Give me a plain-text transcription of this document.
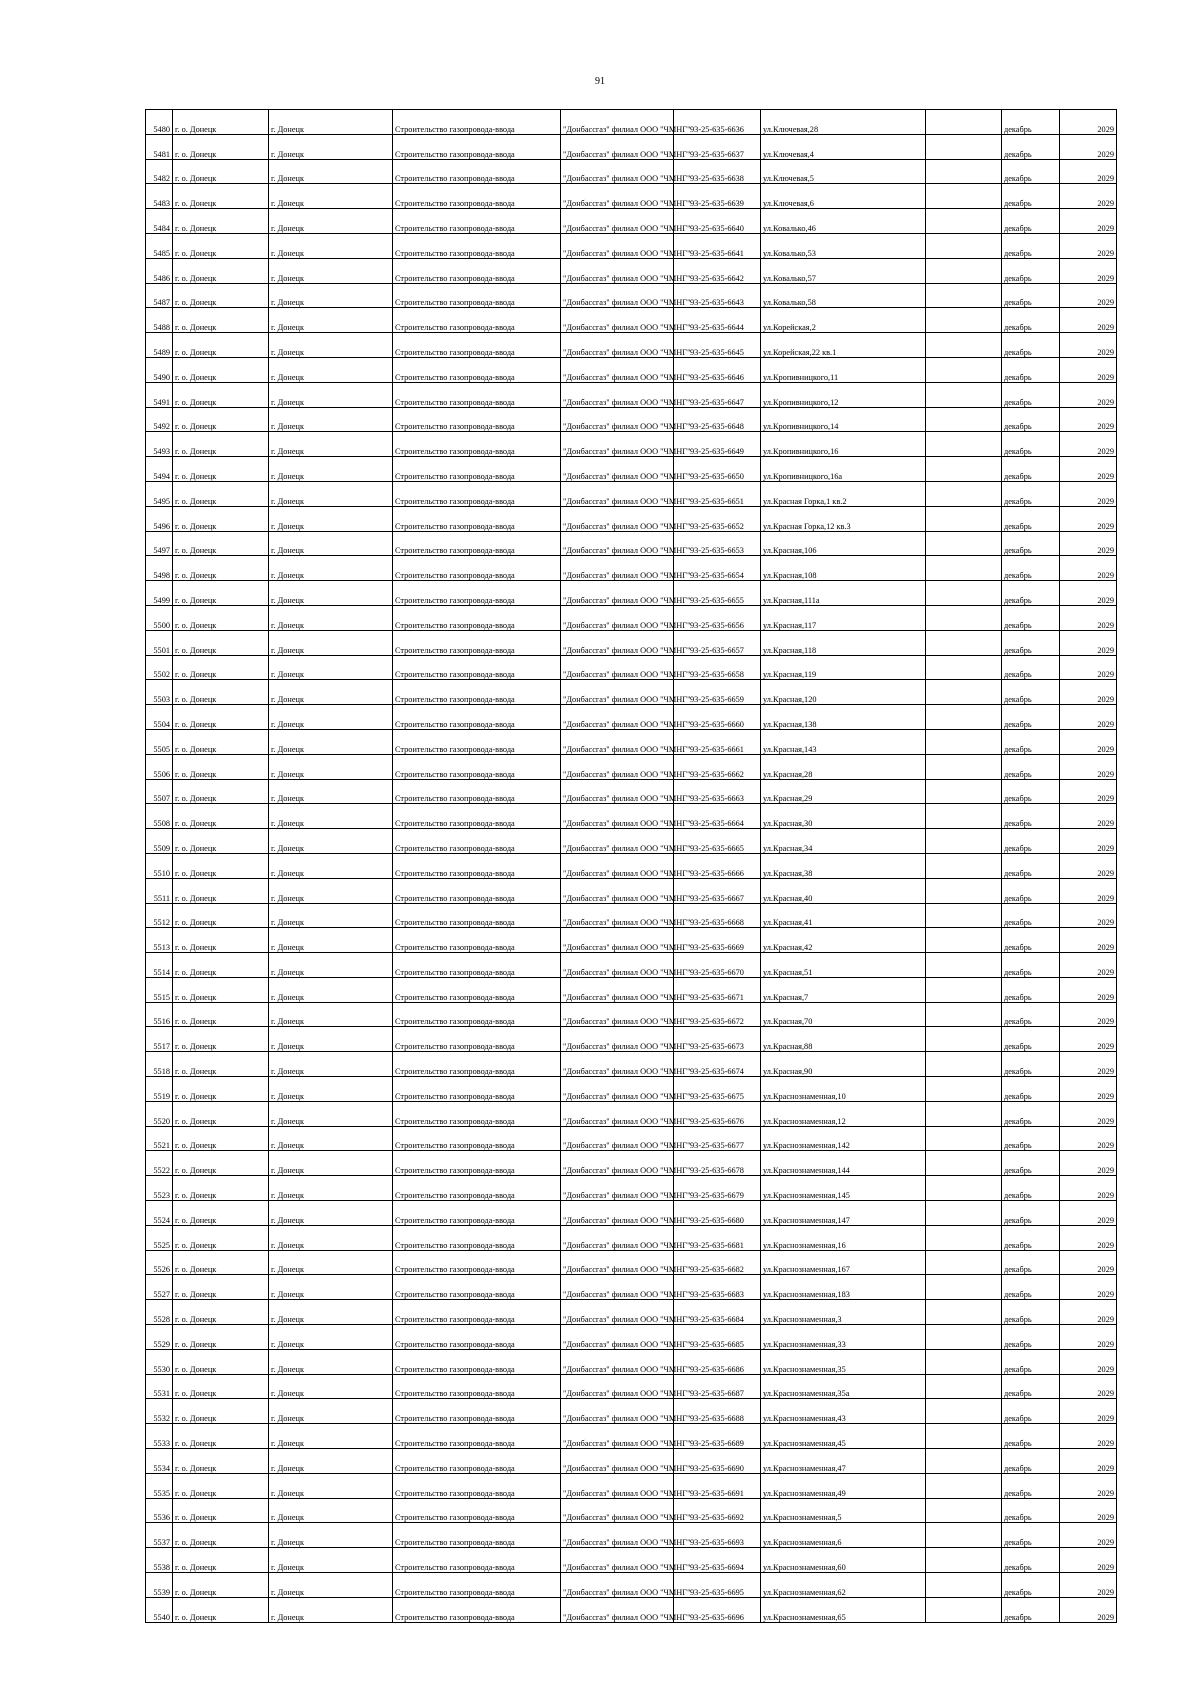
91
5480	г. о. Донецк	г. Донецк	Строительство газопровода-ввода	"Донбассгаз" филиал ООО "ЧМНГ"	93-25-635-6636	ул.Ключевая,28		декабрь	2029
5481	г. о. Донецк	г. Донецк	Строительство газопровода-ввода	"Донбассгаз" филиал ООО "ЧМНГ"	93-25-635-6637	ул.Ключевая,4		декабрь	2029
5482	г. о. Донецк	г. Донецк	Строительство газопровода-ввода	"Донбассгаз" филиал ООО "ЧМНГ"	93-25-635-6638	ул.Ключевая,5		декабрь	2029
5483	г. о. Донецк	г. Донецк	Строительство газопровода-ввода	"Донбассгаз" филиал ООО "ЧМНГ"	93-25-635-6639	ул.Ключевая,6		декабрь	2029
5484	г. о. Донецк	г. Донецк	Строительство газопровода-ввода	"Донбассгаз" филиал ООО "ЧМНГ"	93-25-635-6640	ул.Ковалько,46		декабрь	2029
5485	г. о. Донецк	г. Донецк	Строительство газопровода-ввода	"Донбассгаз" филиал ООО "ЧМНГ"	93-25-635-6641	ул.Ковалько,53		декабрь	2029
5486	г. о. Донецк	г. Донецк	Строительство газопровода-ввода	"Донбассгаз" филиал ООО "ЧМНГ"	93-25-635-6642	ул.Ковалько,57		декабрь	2029
5487	г. о. Донецк	г. Донецк	Строительство газопровода-ввода	"Донбассгаз" филиал ООО "ЧМНГ"	93-25-635-6643	ул.Ковалько,58		декабрь	2029
5488	г. о. Донецк	г. Донецк	Строительство газопровода-ввода	"Донбассгаз" филиал ООО "ЧМНГ"	93-25-635-6644	ул.Корейская,2		декабрь	2029
5489	г. о. Донецк	г. Донецк	Строительство газопровода-ввода	"Донбассгаз" филиал ООО "ЧМНГ"	93-25-635-6645	ул.Корейская,22 кв.1		декабрь	2029
5490	г. о. Донецк	г. Донецк	Строительство газопровода-ввода	"Донбассгаз" филиал ООО "ЧМНГ"	93-25-635-6646	ул.Кропивницкого,11		декабрь	2029
5491	г. о. Донецк	г. Донецк	Строительство газопровода-ввода	"Донбассгаз" филиал ООО "ЧМНГ"	93-25-635-6647	ул.Кропивницкого,12		декабрь	2029
5492	г. о. Донецк	г. Донецк	Строительство газопровода-ввода	"Донбассгаз" филиал ООО "ЧМНГ"	93-25-635-6648	ул.Кропивницкого,14		декабрь	2029
5493	г. о. Донецк	г. Донецк	Строительство газопровода-ввода	"Донбассгаз" филиал ООО "ЧМНГ"	93-25-635-6649	ул.Кропивницкого,16		декабрь	2029
5494	г. о. Донецк	г. Донецк	Строительство газопровода-ввода	"Донбассгаз" филиал ООО "ЧМНГ"	93-25-635-6650	ул.Кропивницкого,16а		декабрь	2029
5495	г. о. Донецк	г. Донецк	Строительство газопровода-ввода	"Донбассгаз" филиал ООО "ЧМНГ"	93-25-635-6651	ул.Красная Горка,1 кв.2		декабрь	2029
5496	г. о. Донецк	г. Донецк	Строительство газопровода-ввода	"Донбассгаз" филиал ООО "ЧМНГ"	93-25-635-6652	ул.Красная Горка,12 кв.3		декабрь	2029
5497	г. о. Донецк	г. Донецк	Строительство газопровода-ввода	"Донбассгаз" филиал ООО "ЧМНГ"	93-25-635-6653	ул.Красная,106		декабрь	2029
5498	г. о. Донецк	г. Донецк	Строительство газопровода-ввода	"Донбассгаз" филиал ООО "ЧМНГ"	93-25-635-6654	ул.Красная,108		декабрь	2029
5499	г. о. Донецк	г. Донецк	Строительство газопровода-ввода	"Донбассгаз" филиал ООО "ЧМНГ"	93-25-635-6655	ул.Красная,111а		декабрь	2029
5500	г. о. Донецк	г. Донецк	Строительство газопровода-ввода	"Донбассгаз" филиал ООО "ЧМНГ"	93-25-635-6656	ул.Красная,117		декабрь	2029
5501	г. о. Донецк	г. Донецк	Строительство газопровода-ввода	"Донбассгаз" филиал ООО "ЧМНГ"	93-25-635-6657	ул.Красная,118		декабрь	2029
5502	г. о. Донецк	г. Донецк	Строительство газопровода-ввода	"Донбассгаз" филиал ООО "ЧМНГ"	93-25-635-6658	ул.Красная,119		декабрь	2029
5503	г. о. Донецк	г. Донецк	Строительство газопровода-ввода	"Донбассгаз" филиал ООО "ЧМНГ"	93-25-635-6659	ул.Красная,120		декабрь	2029
5504	г. о. Донецк	г. Донецк	Строительство газопровода-ввода	"Донбассгаз" филиал ООО "ЧМНГ"	93-25-635-6660	ул.Красная,138		декабрь	2029
5505	г. о. Донецк	г. Донецк	Строительство газопровода-ввода	"Донбассгаз" филиал ООО "ЧМНГ"	93-25-635-6661	ул.Красная,143		декабрь	2029
5506	г. о. Донецк	г. Донецк	Строительство газопровода-ввода	"Донбассгаз" филиал ООО "ЧМНГ"	93-25-635-6662	ул.Красная,28		декабрь	2029
5507	г. о. Донецк	г. Донецк	Строительство газопровода-ввода	"Донбассгаз" филиал ООО "ЧМНГ"	93-25-635-6663	ул.Красная,29		декабрь	2029
5508	г. о. Донецк	г. Донецк	Строительство газопровода-ввода	"Донбассгаз" филиал ООО "ЧМНГ"	93-25-635-6664	ул.Красная,30		декабрь	2029
5509	г. о. Донецк	г. Донецк	Строительство газопровода-ввода	"Донбассгаз" филиал ООО "ЧМНГ"	93-25-635-6665	ул.Красная,34		декабрь	2029
5510	г. о. Донецк	г. Донецк	Строительство газопровода-ввода	"Донбассгаз" филиал ООО "ЧМНГ"	93-25-635-6666	ул.Красная,38		декабрь	2029
5511	г. о. Донецк	г. Донецк	Строительство газопровода-ввода	"Донбассгаз" филиал ООО "ЧМНГ"	93-25-635-6667	ул.Красная,40		декабрь	2029
5512	г. о. Донецк	г. Донецк	Строительство газопровода-ввода	"Донбассгаз" филиал ООО "ЧМНГ"	93-25-635-6668	ул.Красная,41		декабрь	2029
5513	г. о. Донецк	г. Донецк	Строительство газопровода-ввода	"Донбассгаз" филиал ООО "ЧМНГ"	93-25-635-6669	ул.Красная,42		декабрь	2029
5514	г. о. Донецк	г. Донецк	Строительство газопровода-ввода	"Донбассгаз" филиал ООО "ЧМНГ"	93-25-635-6670	ул.Красная,51		декабрь	2029
5515	г. о. Донецк	г. Донецк	Строительство газопровода-ввода	"Донбассгаз" филиал ООО "ЧМНГ"	93-25-635-6671	ул.Красная,7		декабрь	2029
5516	г. о. Донецк	г. Донецк	Строительство газопровода-ввода	"Донбассгаз" филиал ООО "ЧМНГ"	93-25-635-6672	ул.Красная,70		декабрь	2029
5517	г. о. Донецк	г. Донецк	Строительство газопровода-ввода	"Донбассгаз" филиал ООО "ЧМНГ"	93-25-635-6673	ул.Красная,88		декабрь	2029
5518	г. о. Донецк	г. Донецк	Строительство газопровода-ввода	"Донбассгаз" филиал ООО "ЧМНГ"	93-25-635-6674	ул.Красная,90		декабрь	2029
5519	г. о. Донецк	г. Донецк	Строительство газопровода-ввода	"Донбассгаз" филиал ООО "ЧМНГ"	93-25-635-6675	ул.Краснознаменная,10		декабрь	2029
5520	г. о. Донецк	г. Донецк	Строительство газопровода-ввода	"Донбассгаз" филиал ООО "ЧМНГ"	93-25-635-6676	ул.Краснознаменная,12		декабрь	2029
5521	г. о. Донецк	г. Донецк	Строительство газопровода-ввода	"Донбассгаз" филиал ООО "ЧМНГ"	93-25-635-6677	ул.Краснознаменная,142		декабрь	2029
5522	г. о. Донецк	г. Донецк	Строительство газопровода-ввода	"Донбассгаз" филиал ООО "ЧМНГ"	93-25-635-6678	ул.Краснознаменная,144		декабрь	2029
5523	г. о. Донецк	г. Донецк	Строительство газопровода-ввода	"Донбассгаз" филиал ООО "ЧМНГ"	93-25-635-6679	ул.Краснознаменная,145		декабрь	2029
5524	г. о. Донецк	г. Донецк	Строительство газопровода-ввода	"Донбассгаз" филиал ООО "ЧМНГ"	93-25-635-6680	ул.Краснознаменная,147		декабрь	2029
5525	г. о. Донецк	г. Донецк	Строительство газопровода-ввода	"Донбассгаз" филиал ООО "ЧМНГ"	93-25-635-6681	ул.Краснознаменная,16		декабрь	2029
5526	г. о. Донецк	г. Донецк	Строительство газопровода-ввода	"Донбассгаз" филиал ООО "ЧМНГ"	93-25-635-6682	ул.Краснознаменная,167		декабрь	2029
5527	г. о. Донецк	г. Донецк	Строительство газопровода-ввода	"Донбассгаз" филиал ООО "ЧМНГ"	93-25-635-6683	ул.Краснознаменная,183		декабрь	2029
5528	г. о. Донецк	г. Донецк	Строительство газопровода-ввода	"Донбассгаз" филиал ООО "ЧМНГ"	93-25-635-6684	ул.Краснознаменная,3		декабрь	2029
5529	г. о. Донецк	г. Донецк	Строительство газопровода-ввода	"Донбассгаз" филиал ООО "ЧМНГ"	93-25-635-6685	ул.Краснознаменная,33		декабрь	2029
5530	г. о. Донецк	г. Донецк	Строительство газопровода-ввода	"Донбассгаз" филиал ООО "ЧМНГ"	93-25-635-6686	ул.Краснознаменная,35		декабрь	2029
5531	г. о. Донецк	г. Донецк	Строительство газопровода-ввода	"Донбассгаз" филиал ООО "ЧМНГ"	93-25-635-6687	ул.Краснознаменная,35а		декабрь	2029
5532	г. о. Донецк	г. Донецк	Строительство газопровода-ввода	"Донбассгаз" филиал ООО "ЧМНГ"	93-25-635-6688	ул.Краснознаменная,43		декабрь	2029
5533	г. о. Донецк	г. Донецк	Строительство газопровода-ввода	"Донбассгаз" филиал ООО "ЧМНГ"	93-25-635-6689	ул.Краснознаменная,45		декабрь	2029
5534	г. о. Донецк	г. Донецк	Строительство газопровода-ввода	"Донбассгаз" филиал ООО "ЧМНГ"	93-25-635-6690	ул.Краснознаменная,47		декабрь	2029
5535	г. о. Донецк	г. Донецк	Строительство газопровода-ввода	"Донбассгаз" филиал ООО "ЧМНГ"	93-25-635-6691	ул.Краснознаменная,49		декабрь	2029
5536	г. о. Донецк	г. Донецк	Строительство газопровода-ввода	"Донбассгаз" филиал ООО "ЧМНГ"	93-25-635-6692	ул.Краснознаменная,5		декабрь	2029
5537	г. о. Донецк	г. Донецк	Строительство газопровода-ввода	"Донбассгаз" филиал ООО "ЧМНГ"	93-25-635-6693	ул.Краснознаменная,6		декабрь	2029
5538	г. о. Донецк	г. Донецк	Строительство газопровода-ввода	"Донбассгаз" филиал ООО "ЧМНГ"	93-25-635-6694	ул.Краснознаменная,60		декабрь	2029
5539	г. о. Донецк	г. Донецк	Строительство газопровода-ввода	"Донбассгаз" филиал ООО "ЧМНГ"	93-25-635-6695	ул.Краснознаменная,62		декабрь	2029
5540	г. о. Донецк	г. Донецк	Строительство газопровода-ввода	"Донбассгаз" филиал ООО "ЧМНГ"	93-25-635-6696	ул.Краснознаменная,65		декабрь	2029
